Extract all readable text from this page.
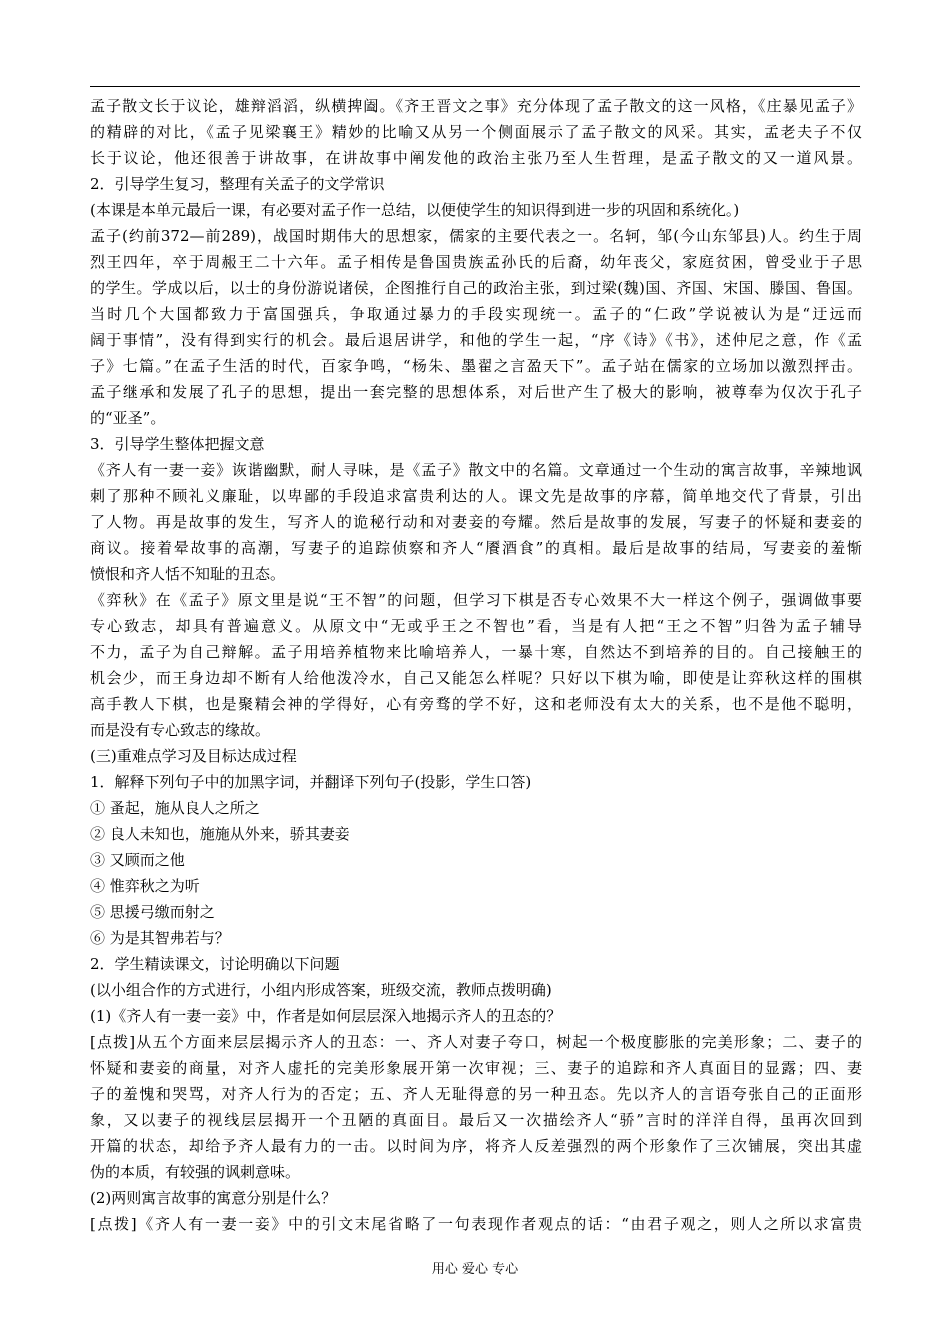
孟子散文长于议论，雄辩滔滔，纵横捭阖。《齐王晋文之事》充分体现了孟子散文的这一风格，《庄暴见孟子》
的精辟的对比，《孟子见梁襄王》精妙的比喻又从另一个侧面展示了孟子散文的风采。其实，孟老夫子不仅
长于议论，他还很善于讲故事，在讲故事中阐发他的政治主张乃至人生哲理，是孟子散文的又一道风景。
2．引导学生复习，整理有关孟子的文学常识
(本课是本单元最后一课，有必要对孟子作一总结，以便使学生的知识得到进一步的巩固和系统化。)
孟子(约前372—前289)，战国时期伟大的思想家，儒家的主要代表之一。名轲，邹(今山东邹县)人。约生于周
烈王四年，卒于周赧王二十六年。孟子相传是鲁国贵族孟孙氏的后裔，幼年丧父，家庭贫困，曾受业于子思
的学生。学成以后，以士的身份游说诸侯，企图推行自己的政治主张，到过梁(魏)国、齐国、宋国、滕国、鲁国。
当时几个大国都致力于富国强兵，争取通过暴力的手段实现统一。孟子的“仁政”学说被认为是“迂远而
阔于事情”，没有得到实行的机会。最后退居讲学，和他的学生一起，“序《诗》《书》，述仲尼之意，作《孟
子》七篇。”在孟子生活的时代，百家争鸣，“杨朱、墨翟之言盈天下”。孟子站在儒家的立场加以激烈抨击。
孟子继承和发展了孔子的思想，提出一套完整的思想体系，对后世产生了极大的影响，被尊奉为仅次于孔子
的“亚圣”。
3．引导学生整体把握文意
《齐人有一妻一妾》诙谐幽默，耐人寻味，是《孟子》散文中的名篇。文章通过一个生动的寓言故事，辛辣地讽
刺了那种不顾礼义廉耻，以卑鄙的手段追求富贵利达的人。课文先是故事的序幕，简单地交代了背景，引出
了人物。再是故事的发生，写齐人的诡秘行动和对妻妾的夸耀。然后是故事的发展，写妻子的怀疑和妻妾的
商议。接着晕故事的高潮，写妻子的追踪侦察和齐人“餍酒食”的真相。最后是故事的结局，写妻妾的羞惭
愤恨和齐人恬不知耻的丑态。
《弈秋》在《孟子》原文里是说“王不智”的问题，但学习下棋是否专心效果不大一样这个例子，强调做事要
专心致志，却具有普遍意义。从原文中“无或乎王之不智也”看，当是有人把“王之不智”归咎为孟子辅导
不力，孟子为自己辩解。孟子用培养植物来比喻培养人，一暴十寒，自然达不到培养的目的。自己接触王的
机会少，而王身边却不断有人给他泼冷水，自己又能怎么样呢？只好以下棋为喻，即使是让弈秋这样的围棋
高手教人下棋，也是聚精会神的学得好，心有旁骛的学不好，这和老师没有太大的关系，也不是他不聪明，
而是没有专心致志的缘故。
(三)重难点学习及目标达成过程
1．解释下列句子中的加黑字词，并翻译下列句子(投影，学生口答)
① 蚤起，施从良人之所之
② 良人未知也，施施从外来，骄其妻妾
③ 又顾而之他
④ 惟弈秋之为听
⑤ 思援弓缴而射之
⑥ 为是其智弗若与？
2．学生精读课文，讨论明确以下问题
(以小组合作的方式进行，小组内形成答案，班级交流，教师点拨明确)
(1)《齐人有一妻一妾》中，作者是如何层层深入地揭示齐人的丑态的？
[点拨]从五个方面来层层揭示齐人的丑态：一、齐人对妻子夸口，树起一个极度膨胀的完美形象；二、妻子的
怀疑和妻妾的商量，对齐人虚托的完美形象展开第一次审视；三、妻子的追踪和齐人真面目的显露；四、妻
子的羞愧和哭骂，对齐人行为的否定；五、齐人无耻得意的另一种丑态。先以齐人的言语夸张自己的正面形
象，又以妻子的视线层层揭开一个丑陋的真面目。最后又一次描绘齐人“骄”言时的洋洋自得，虽再次回到
开篇的状态，却给予齐人最有力的一击。以时间为序，将齐人反差强烈的两个形象作了三次铺展，突出其虚
伪的本质，有较强的讽刺意味。
(2)两则寓言故事的寓意分别是什么？
[点拨]《齐人有一妻一妾》中的引文末尾省略了一句表现作者观点的话：“由君子观之，则人之所以求富贵
用心 爱心 专心
